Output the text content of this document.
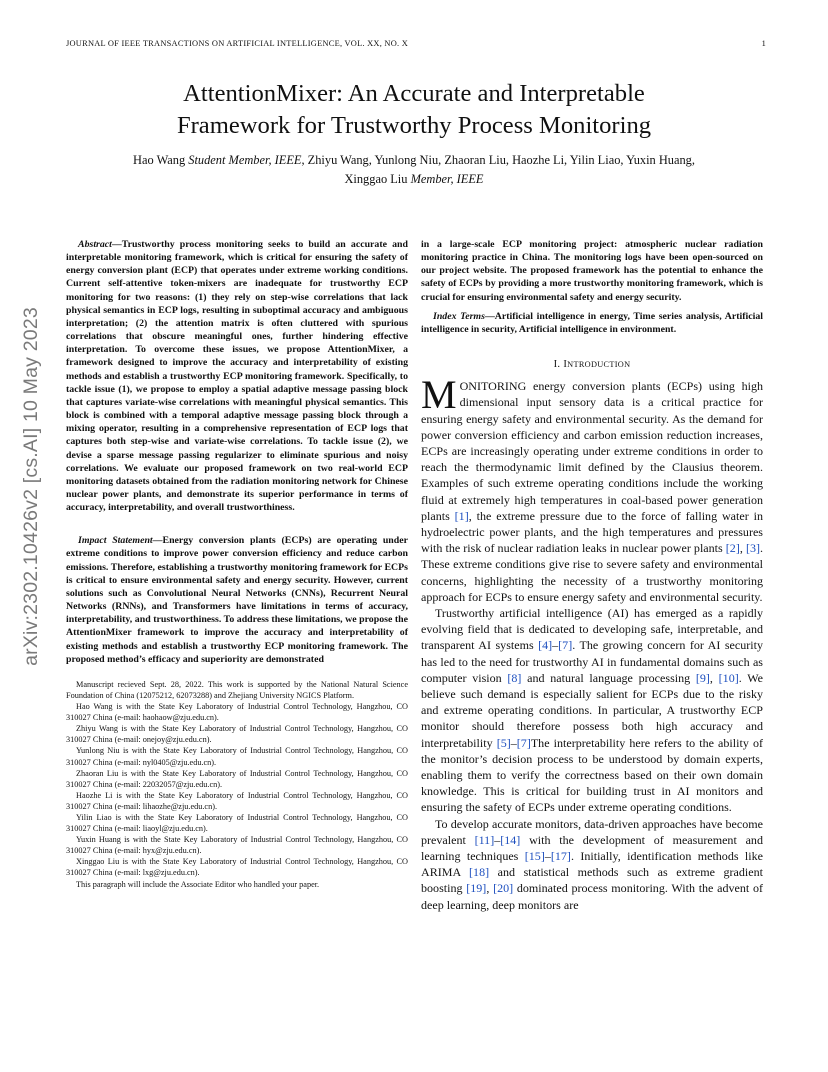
JOURNAL OF IEEE TRANSACTIONS ON ARTIFICIAL INTELLIGENCE, VOL. XX, NO. X	1
arXiv:2302.10426v2 [cs.AI] 10 May 2023
AttentionMixer: An Accurate and Interpretable
Framework for Trustworthy Process Monitoring
Hao Wang Student Member, IEEE, Zhiyu Wang, Yunlong Niu, Zhaoran Liu, Haozhe Li, Yilin Liao, Yuxin Huang,
Xinggao Liu Member, IEEE

Abstract—Trustworthy process monitoring seeks to build an accurate and interpretable monitoring framework, which is critical for ensuring the safety of energy conversion plant (ECP) that operates under extreme working conditions. Current self-attentive token-mixers are inadequate for trustworthy ECP monitoring for two reasons: (1) they rely on step-wise correlations that lack physical semantics in ECP logs, resulting in suboptimal accuracy and ambiguous interpretation; (2) the attention matrix is often cluttered with spurious correlations that obscure meaningful ones, further hindering effective interpretation. To overcome these issues, we propose AttentionMixer, a framework designed to improve the accuracy and interpretability of existing methods and establish a trustworthy ECP monitoring framework. Specifically, to tackle issue (1), we propose to employ a spatial adaptive message passing block that captures variate-wise correlations with meaningful physical semantics. This block is combined with a temporal adaptive message passing block through a mixing operator, resulting in a comprehensive representation of ECP logs that captures both step-wise and variate-wise correlations. To tackle issue (2), we devise a sparse message passing regularizer to eliminate spurious and noisy correlations. We evaluate our proposed framework on two real-world ECP monitoring datasets obtained from the radiation monitoring network for Chinese nuclear power plants, and demonstrate its superior performance in terms of accuracy, interpretability, and overall trustworthiness.

Impact Statement—Energy conversion plants (ECPs) are operating under extreme conditions to improve power conversion efficiency and reduce carbon emissions. Therefore, establishing a trustworthy monitoring framework for ECPs is critical to ensure environmental safety and energy security. However, current solutions such as Convolutional Neural Networks (CNNs), Recurrent Neural Networks (RNNs), and Transformers have limitations in terms of accuracy, interpretability, and trustworthiness. To address these limitations, we propose the AttentionMixer framework to improve the accuracy and interpretability of existing methods and establish a trustworthy ECP monitoring framework. The proposed method’s efficacy and superiority are demonstrated

Manuscript recieved Sept. 28, 2022. This work is supported by the National Natural Science Foundation of China (12075212, 62073288) and Zhejiang University NGICS Platform.

Hao Wang is with the State Key Laboratory of Industrial Control Technology, Hangzhou, CO 310027 China (e-mail: haohaow@zju.edu.cn).

Zhiyu Wang is with the State Key Laboratory of Industrial Control Technology, Hangzhou, CO 310027 China (e-mail: onejoy@zju.edu.cn).

Yunlong Niu is with the State Key Laboratory of Industrial Control Technology, Hangzhou, CO 310027 China (e-mail: nyl0405@zju.edu.cn).

Zhaoran Liu is with the State Key Laboratory of Industrial Control Technology, Hangzhou, CO 310027 China (e-mail: 22032057@zju.edu.cn).

Haozhe Li is with the State Key Laboratory of Industrial Control Technology, Hangzhou, CO 310027 China (e-mail: lihaozhe@zju.edu.cn).

Yilin Liao is with the State Key Laboratory of Industrial Control Technology, Hangzhou, CO 310027 China (e-mail: liaoyl@zju.edu.cn).

Yuxin Huang is with the State Key Laboratory of Industrial Control Technology, Hangzhou, CO 310027 China (e-mail: hyx@zju.edu.cn).

Xinggao Liu is with the State Key Laboratory of Industrial Control Technology, Hangzhou, CO 310027 China (e-mail: lxg@zju.edu.cn).

This paragraph will include the Associate Editor who handled your paper.

in a large-scale ECP monitoring project: atmospheric nuclear radiation monitoring practice in China. The monitoring logs have been open-sourced on our project website. The proposed framework has the potential to enhance the safety of ECPs by providing a more trustworthy monitoring framework, which is crucial for ensuring environmental safety and energy security.

Index Terms—Artificial intelligence in energy, Time series analysis, Artificial intelligence in security, Artificial intelligence in environment.

I. INTRODUCTION

MONITORING energy conversion plants (ECPs) using high dimensional input sensory data is a critical practice for ensuring energy safety and environmental security. As the demand for power conversion efficiency and carbon emission reduction increases, ECPs are increasingly operating under extreme conditions in order to reach the thermodynamic limit defined by the Clausius theorem. Examples of such extreme operating conditions include the working fluid at extremely high temperatures in coal-based power generation plants [1], the extreme pressure due to the force of falling water in hydroelectric power plants, and the high temperatures and pressures with the risk of nuclear radiation leaks in nuclear power plants [2], [3]. These extreme conditions give rise to severe safety and environmental concerns, highlighting the necessity of a trustworthy monitoring approach for ECPs to ensure energy safety and environmental security.

Trustworthy artificial intelligence (AI) has emerged as a rapidly evolving field that is dedicated to developing safe, interpretable, and transparent AI systems [4]–[7]. The growing concern for AI security has led to the need for trustworthy AI in fundamental domains such as computer vision [8] and natural language processing [9], [10]. We believe such demand is especially salient for ECPs due to the risky and extreme operating conditions. In particular, A trustworthy ECP monitor should therefore possess both high accuracy and interpretability [5]–[7]The interpretability here refers to the ability of the monitor’s decision process to be understood by domain experts, enabling them to verify the correctness based on their own domain knowledge. This is critical for building trust in AI monitors and ensuring the safety of ECPs under extreme operating conditions.

To develop accurate monitors, data-driven approaches have become prevalent [11]–[14] with the development of measurement and learning techniques [15]–[17]. Initially, identification methods like ARIMA [18] and statistical methods such as extreme gradient boosting [19], [20] dominated process monitoring. With the advent of deep learning, deep monitors are
